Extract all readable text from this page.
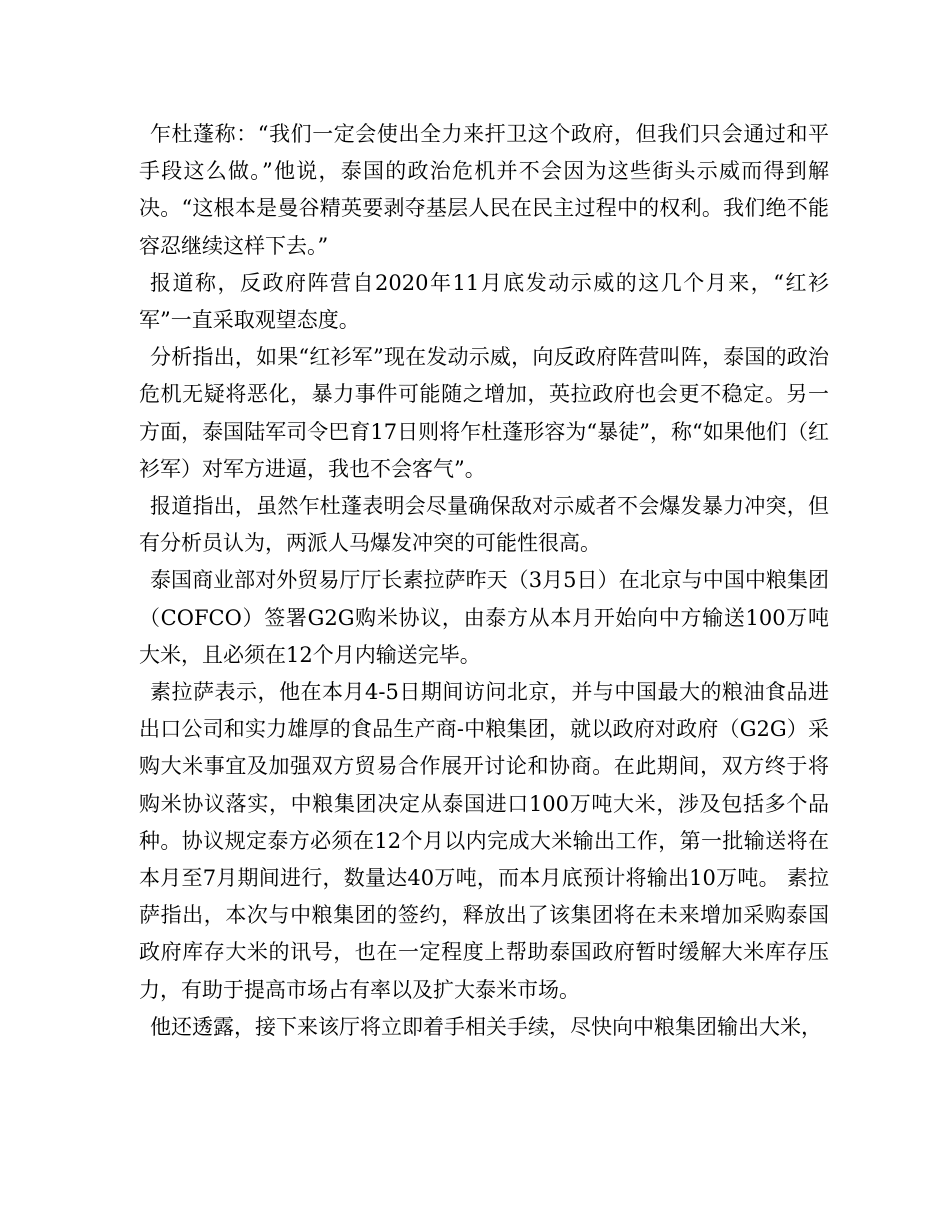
乍杜蓬称：“我们一定会使出全力来扞卫这个政府，但我们只会通过和平手段这么做。”他说，泰国的政治危机并不会因为这些街头示威而得到解决。“这根本是曼谷精英要剥夺基层人民在民主过程中的权利。我们绝不能容忍继续这样下去。”

报道称，反政府阵营自2020年11月底发动示威的这几个月来，“红衫军”一直采取观望态度。

分析指出，如果“红衫军”现在发动示威，向反政府阵营叫阵，泰国的政治危机无疑将恶化，暴力事件可能随之增加，英拉政府也会更不稳定。另一方面，泰国陆军司令巴育17日则将乍杜蓬形容为“暴徒”，称“如果他们（红衫军）对军方进逼，我也不会客气”。

报道指出，虽然乍杜蓬表明会尽量确保敌对示威者不会爆发暴力冲突，但有分析员认为，两派人马爆发冲突的可能性很高。

泰国商业部对外贸易厅厅长素拉萨昨天（3月5日）在北京与中国中粮集团（COFCO）签署G2G购米协议，由泰方从本月开始向中方输送100万吨大米，且必须在12个月内输送完毕。

素拉萨表示，他在本月4-5日期间访问北京，并与中国最大的粮油食品进出口公司和实力雄厚的食品生产商-中粮集团，就以政府对政府（G2G）采购大米事宜及加强双方贸易合作展开讨论和协商。在此期间，双方终于将购米协议落实，中粮集团决定从泰国进口100万吨大米，涉及包括多个品种。协议规定泰方必须在12个月以内完成大米输出工作，第一批输送将在本月至7月期间进行，数量达40万吨，而本月底预计将输出10万吨。 素拉萨指出，本次与中粮集团的签约，释放出了该集团将在未来增加采购泰国政府库存大米的讯号，也在一定程度上帮助泰国政府暂时缓解大米库存压力，有助于提高市场占有率以及扩大泰米市场。

他还透露，接下来该厅将立即着手相关手续，尽快向中粮集团输出大米，
